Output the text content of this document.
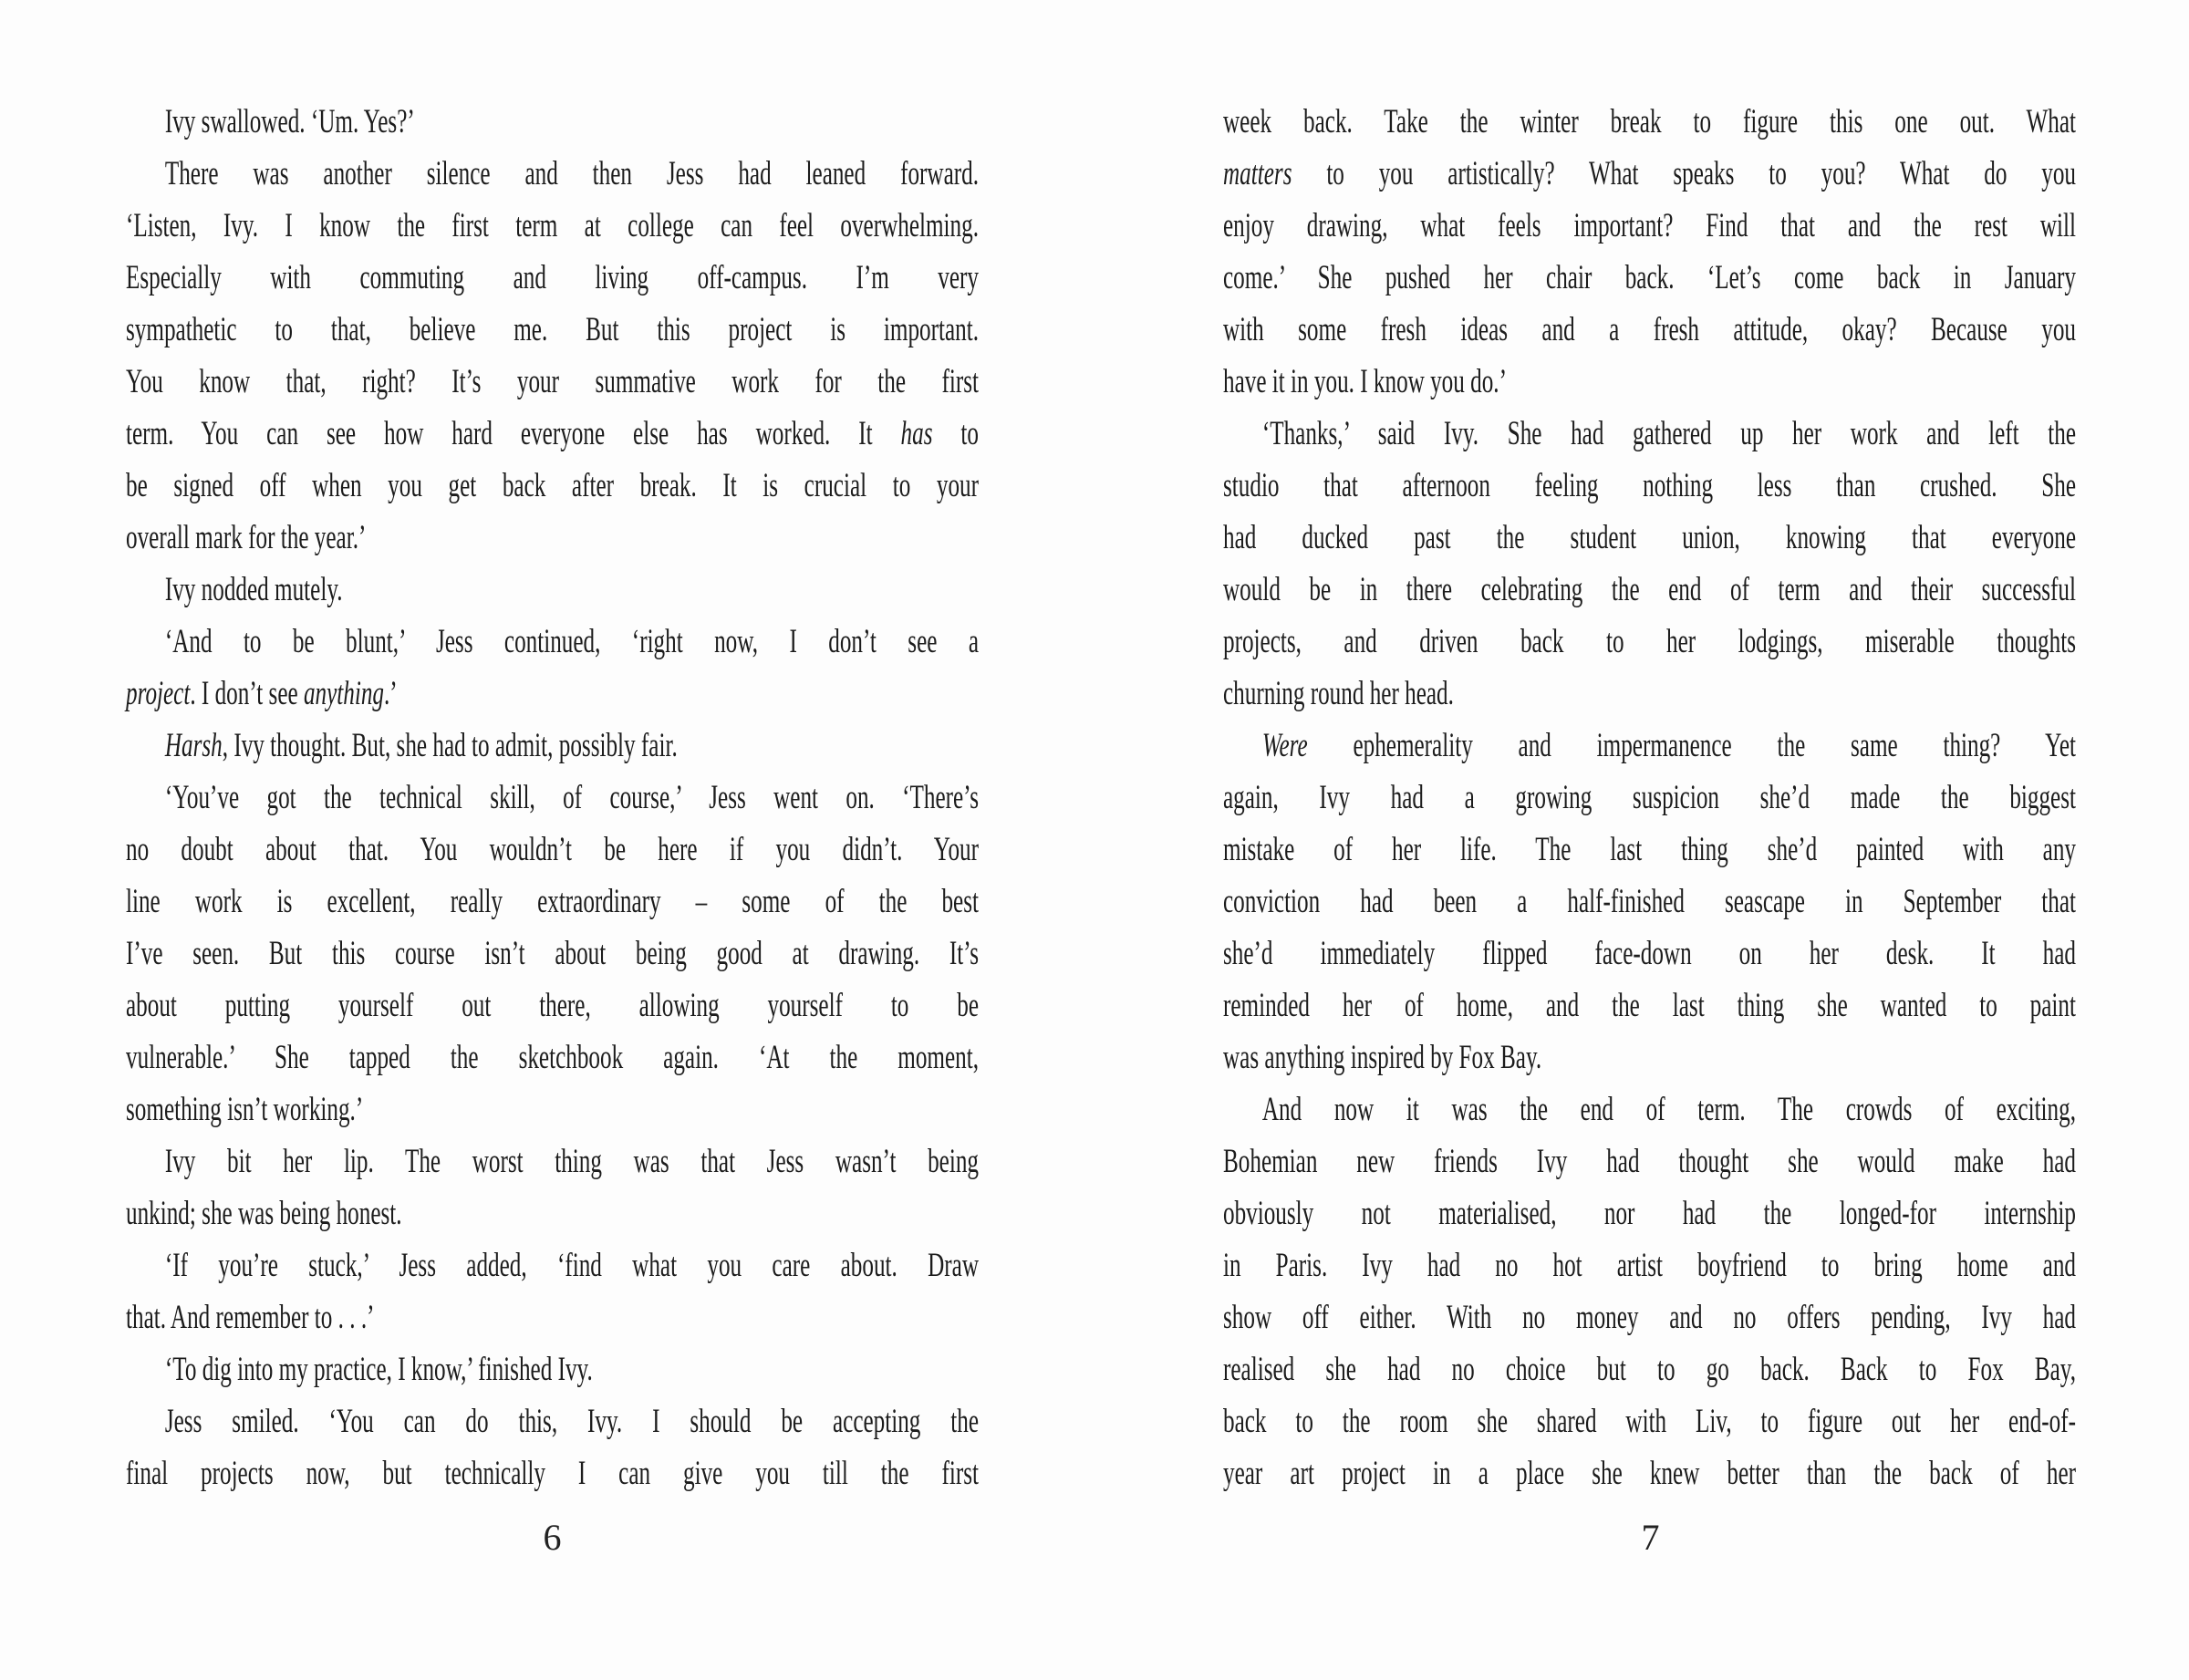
Ivy swallowed. ‘Um. Yes?’
There was another silence and then Jess had leaned forward.
‘Listen, Ivy. I know the first term at college can feel overwhelming.
Especially with commuting and living off-campus. I’m very
sympathetic to that, believe me. But this project is important.
You know that, right? It’s your summative work for the first
term. You can see how hard everyone else has worked. It has to
be signed off when you get back after break. It is crucial to your
overall mark for the year.’
Ivy nodded mutely.
‘And to be blunt,’ Jess continued, ‘right now, I don’t see a
project. I don’t see anything.’
Harsh, Ivy thought. But, she had to admit, possibly fair.
‘You’ve got the technical skill, of course,’ Jess went on. ‘There’s
no doubt about that. You wouldn’t be here if you didn’t. Your
line work is excellent, really extraordinary – some of the best
I’ve seen. But this course isn’t about being good at drawing. It’s
about putting yourself out there, allowing yourself to be
vulnerable.’ She tapped the sketchbook again. ‘At the moment,
something isn’t working.’
Ivy bit her lip. The worst thing was that Jess wasn’t being
unkind; she was being honest.
‘If you’re stuck,’ Jess added, ‘find what you care about. Draw
that. And remember to . . .’
‘To dig into my practice, I know,’ finished Ivy.
Jess smiled. ‘You can do this, Ivy. I should be accepting the
final projects now, but technically I can give you till the first
week back. Take the winter break to figure this one out. What
matters to you artistically? What speaks to you? What do you
enjoy drawing, what feels important? Find that and the rest will
come.’ She pushed her chair back. ‘Let’s come back in January
with some fresh ideas and a fresh attitude, okay? Because you
have it in you. I know you do.’
‘Thanks,’ said Ivy. She had gathered up her work and left the
studio that afternoon feeling nothing less than crushed. She
had ducked past the student union, knowing that everyone
would be in there celebrating the end of term and their successful
projects, and driven back to her lodgings, miserable thoughts
churning round her head.
Were ephemerality and impermanence the same thing? Yet
again, Ivy had a growing suspicion she’d made the biggest
mistake of her life. The last thing she’d painted with any
conviction had been a half-finished seascape in September that
she’d immediately flipped face-down on her desk. It had
reminded her of home, and the last thing she wanted to paint
was anything inspired by Fox Bay.
And now it was the end of term. The crowds of exciting,
Bohemian new friends Ivy had thought she would make had
obviously not materialised, nor had the longed-for internship
in Paris. Ivy had no hot artist boyfriend to bring home and
show off either. With no money and no offers pending, Ivy had
realised she had no choice but to go back. Back to Fox Bay,
back to the room she shared with Liv, to figure out her end-of-
year art project in a place she knew better than the back of her
6	7
